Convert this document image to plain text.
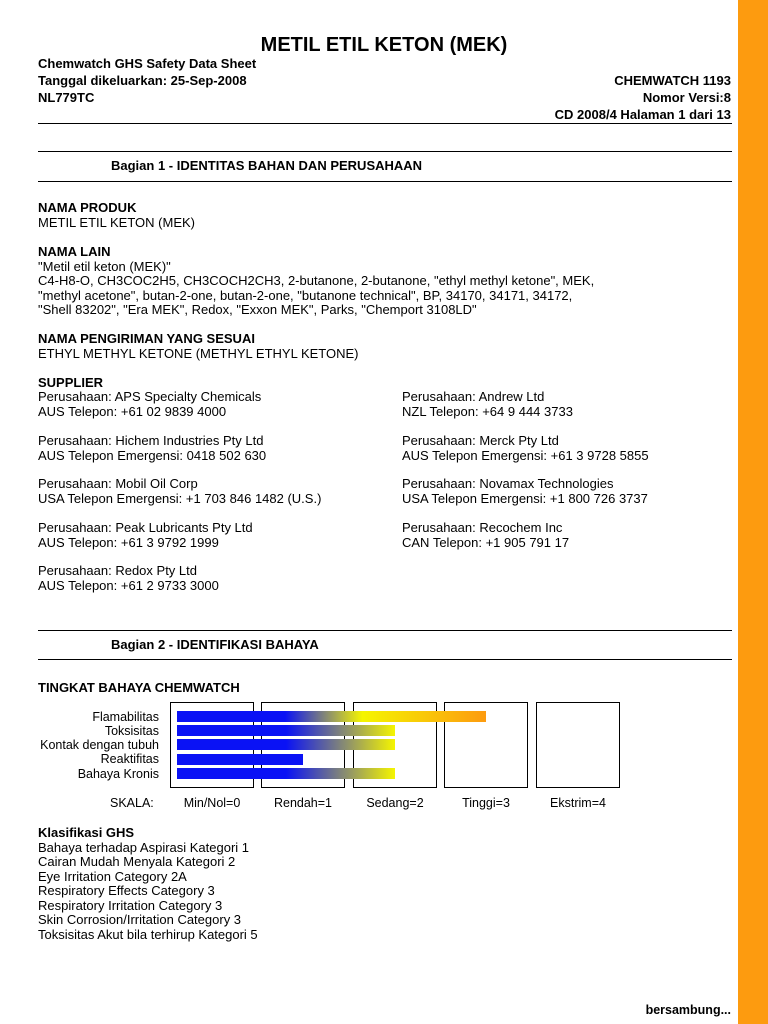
METIL ETIL KETON (MEK)
Chemwatch GHS Safety Data Sheet
Tanggal dikeluarkan: 25-Sep-2008
NL779TC
CHEMWATCH 1193
Nomor Versi:8
CD 2008/4 Halaman 1 dari 13
Bagian 1 - IDENTITAS BAHAN DAN PERUSAHAAN
NAMA PRODUK
METIL ETIL KETON (MEK)
NAMA LAIN
"Metil etil keton (MEK)"
C4-H8-O, CH3COC2H5, CH3COCH2CH3, 2-butanone, 2-butanone, "ethyl methyl ketone", MEK,
"methyl acetone", butan-2-one, butan-2-one, "butanone technical", BP, 34170, 34171, 34172,
"Shell 83202", "Era MEK", Redox, "Exxon MEK", Parks, "Chemport 3108LD"
NAMA PENGIRIMAN YANG SESUAI
ETHYL METHYL KETONE (METHYL ETHYL KETONE)
SUPPLIER
Perusahaan: APS Specialty Chemicals
AUS Telepon: +61 02 9839 4000
Perusahaan: Hichem Industries Pty Ltd
AUS Telepon Emergensi: 0418 502 630
Perusahaan: Mobil Oil Corp
USA Telepon Emergensi: +1 703 846 1482 (U.S.)
Perusahaan: Peak Lubricants Pty Ltd
AUS Telepon: +61 3 9792 1999
Perusahaan: Redox Pty Ltd
AUS Telepon: +61 2 9733 3000
Perusahaan: Andrew Ltd
NZL Telepon: +64 9 444 3733
Perusahaan: Merck Pty Ltd
AUS Telepon Emergensi: +61 3 9728 5855
Perusahaan: Novamax Technologies
USA Telepon Emergensi: +1 800 726 3737
Perusahaan: Recochem Inc
CAN Telepon: +1 905 791 17
Bagian 2 - IDENTIFIKASI BAHAYA
TINGKAT BAHAYA CHEMWATCH
Flamabilitas
Toksisitas
Kontak dengan tubuh
Reaktifitas
Bahaya Kronis
SKALA:	Min/Nol=0	Rendah=1	Sedang=2	Tinggi=3	Ekstrim=4
Klasifikasi GHS
Bahaya terhadap Aspirasi Kategori 1
Cairan Mudah Menyala Kategori 2
Eye Irritation Category 2A
Respiratory Effects Category 3
Respiratory Irritation Category 3
Skin Corrosion/Irritation Category 3
Toksisitas Akut bila terhirup Kategori 5
bersambung...
